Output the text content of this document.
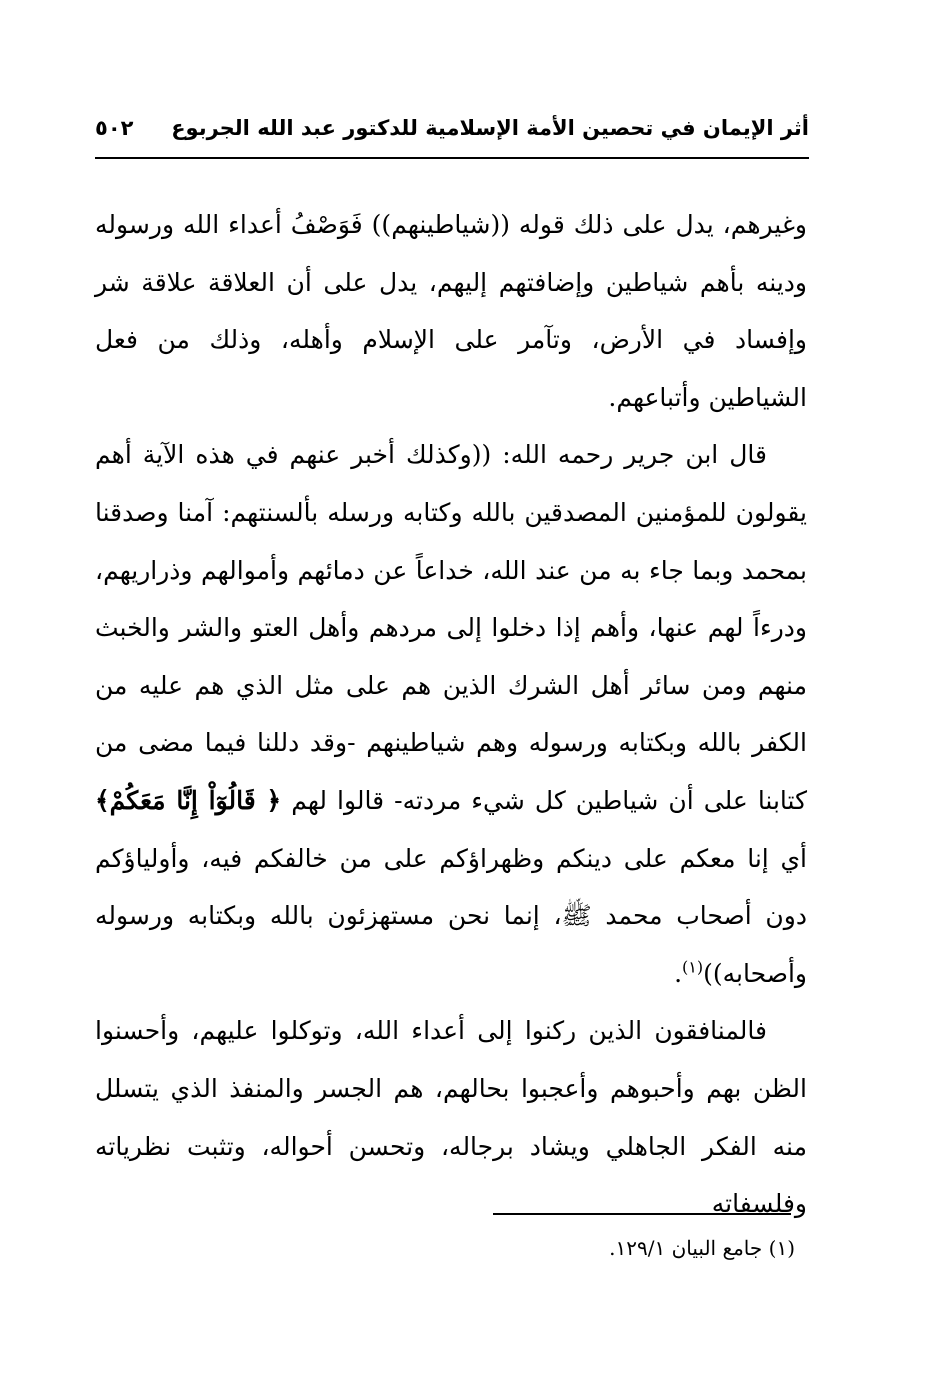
أثر الإيمان في تحصين الأمة الإسلامية للدكتور عبد الله الجربوع
٥٠٢

وغيرهم، يدل على ذلك قوله ((شياطينهم)) فَوَصْفُ أعداء الله ورسوله ودينه بأهم شياطين وإضافتهم إليهم، يدل على أن العلاقة علاقة شر وإفساد في الأرض، وتآمر على الإسلام وأهله، وذلك من فعل الشياطين وأتباعهم.

قال ابن جرير رحمه الله: ((وكذلك أخبر عنهم في هذه الآية أهم يقولون للمؤمنين المصدقين بالله وكتابه ورسله بألسنتهم: آمنا وصدقنا بمحمد وبما جاء به من عند الله، خداعاً عن دمائهم وأموالهم وذراريهم، ودرءاً لهم عنها، وأهم إذا دخلوا إلى مردهم وأهل العتو والشر والخبث منهم ومن سائر أهل الشرك الذين هم على مثل الذي هم عليه من الكفر بالله وبكتابه ورسوله وهم شياطينهم -وقد دللنا فيما مضى من كتابنا على أن شياطين كل شيء مردته- قالوا لهم ﴿ قَالُوٓاْ إِنَّا مَعَكُمْ﴾ أي إنا معكم على دينكم وظهراؤكم على من خالفكم فيه، وأولياؤكم دون أصحاب محمد ﷺ، إنما نحن مستهزئون بالله وبكتابه ورسوله وأصحابه))$^{(١)}$.

فالمنافقون الذين ركنوا إلى أعداء الله، وتوكلوا عليهم، وأحسنوا الظن بهم وأحبوهم وأعجبوا بحالهم، هم الجسر والمنفذ الذي يتسلل منه الفكر الجاهلي ويشاد برجاله، وتحسن أحواله، وتثبت نظرياته وفلسفاته

(١) جامع البيان ١٢٩/١.
